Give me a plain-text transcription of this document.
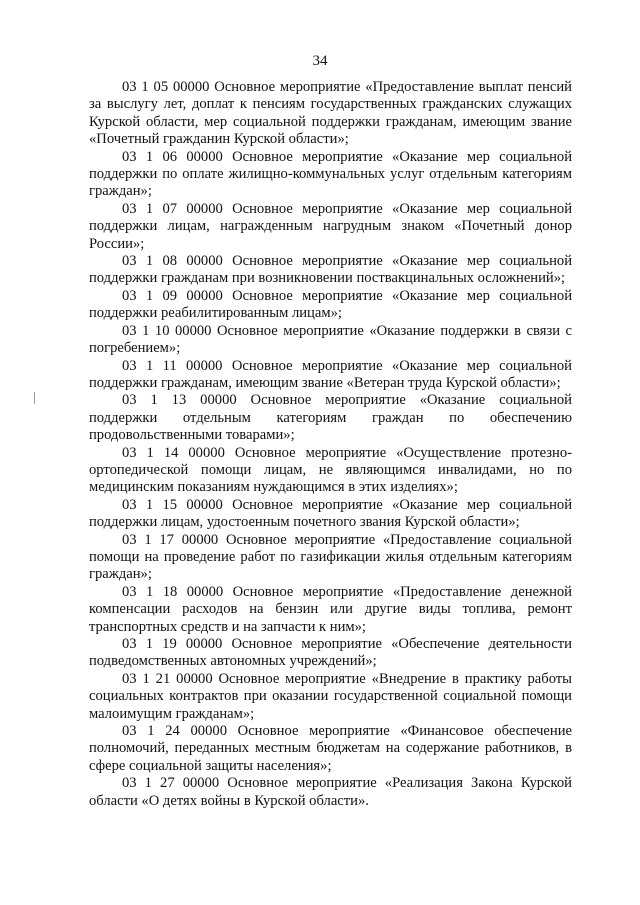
34

03 1 05 00000 Основное мероприятие «Предоставление выплат пенсий за выслугу лет, доплат к пенсиям государственных гражданских служащих Курской области, мер социальной поддержки гражданам, имеющим звание «Почетный гражданин Курской области»;

03 1 06 00000 Основное мероприятие «Оказание мер социальной поддержки по оплате жилищно-коммунальных услуг отдельным категориям граждан»;

03 1 07 00000 Основное мероприятие «Оказание мер социальной поддержки лицам, награжденным нагрудным знаком «Почетный донор России»;

03 1 08 00000 Основное мероприятие «Оказание мер социальной поддержки гражданам при возникновении поствакцинальных осложнений»;

03 1 09 00000 Основное мероприятие «Оказание мер социальной поддержки реабилитированным лицам»;

03 1 10 00000 Основное мероприятие «Оказание поддержки в связи с погребением»;

03 1 11 00000 Основное мероприятие «Оказание мер социальной поддержки гражданам, имеющим звание «Ветеран труда Курской области»;

03 1 13 00000 Основное мероприятие «Оказание социальной поддержки отдельным категориям граждан по обеспечению продовольственными товарами»;

03 1 14 00000 Основное мероприятие «Осуществление протезно-ортопедической помощи лицам, не являющимся инвалидами, но по медицинским показаниям нуждающимся в этих изделиях»;

03 1 15 00000 Основное мероприятие «Оказание мер социальной поддержки лицам, удостоенным почетного звания Курской области»;

03 1 17 00000 Основное мероприятие «Предоставление социальной помощи на проведение работ по газификации жилья отдельным категориям граждан»;

03 1 18 00000 Основное мероприятие «Предоставление денежной компенсации расходов на бензин или другие виды топлива, ремонт транспортных средств и на запчасти к ним»;

03 1 19 00000 Основное мероприятие «Обеспечение деятельности подведомственных автономных учреждений»;

03 1 21 00000 Основное мероприятие «Внедрение в практику работы социальных контрактов при оказании государственной социальной помощи малоимущим гражданам»;

03 1 24 00000 Основное мероприятие «Финансовое обеспечение полномочий, переданных местным бюджетам на содержание работников, в сфере социальной защиты населения»;

03 1 27 00000 Основное мероприятие «Реализация Закона Курской области «О детях войны в Курской области».
